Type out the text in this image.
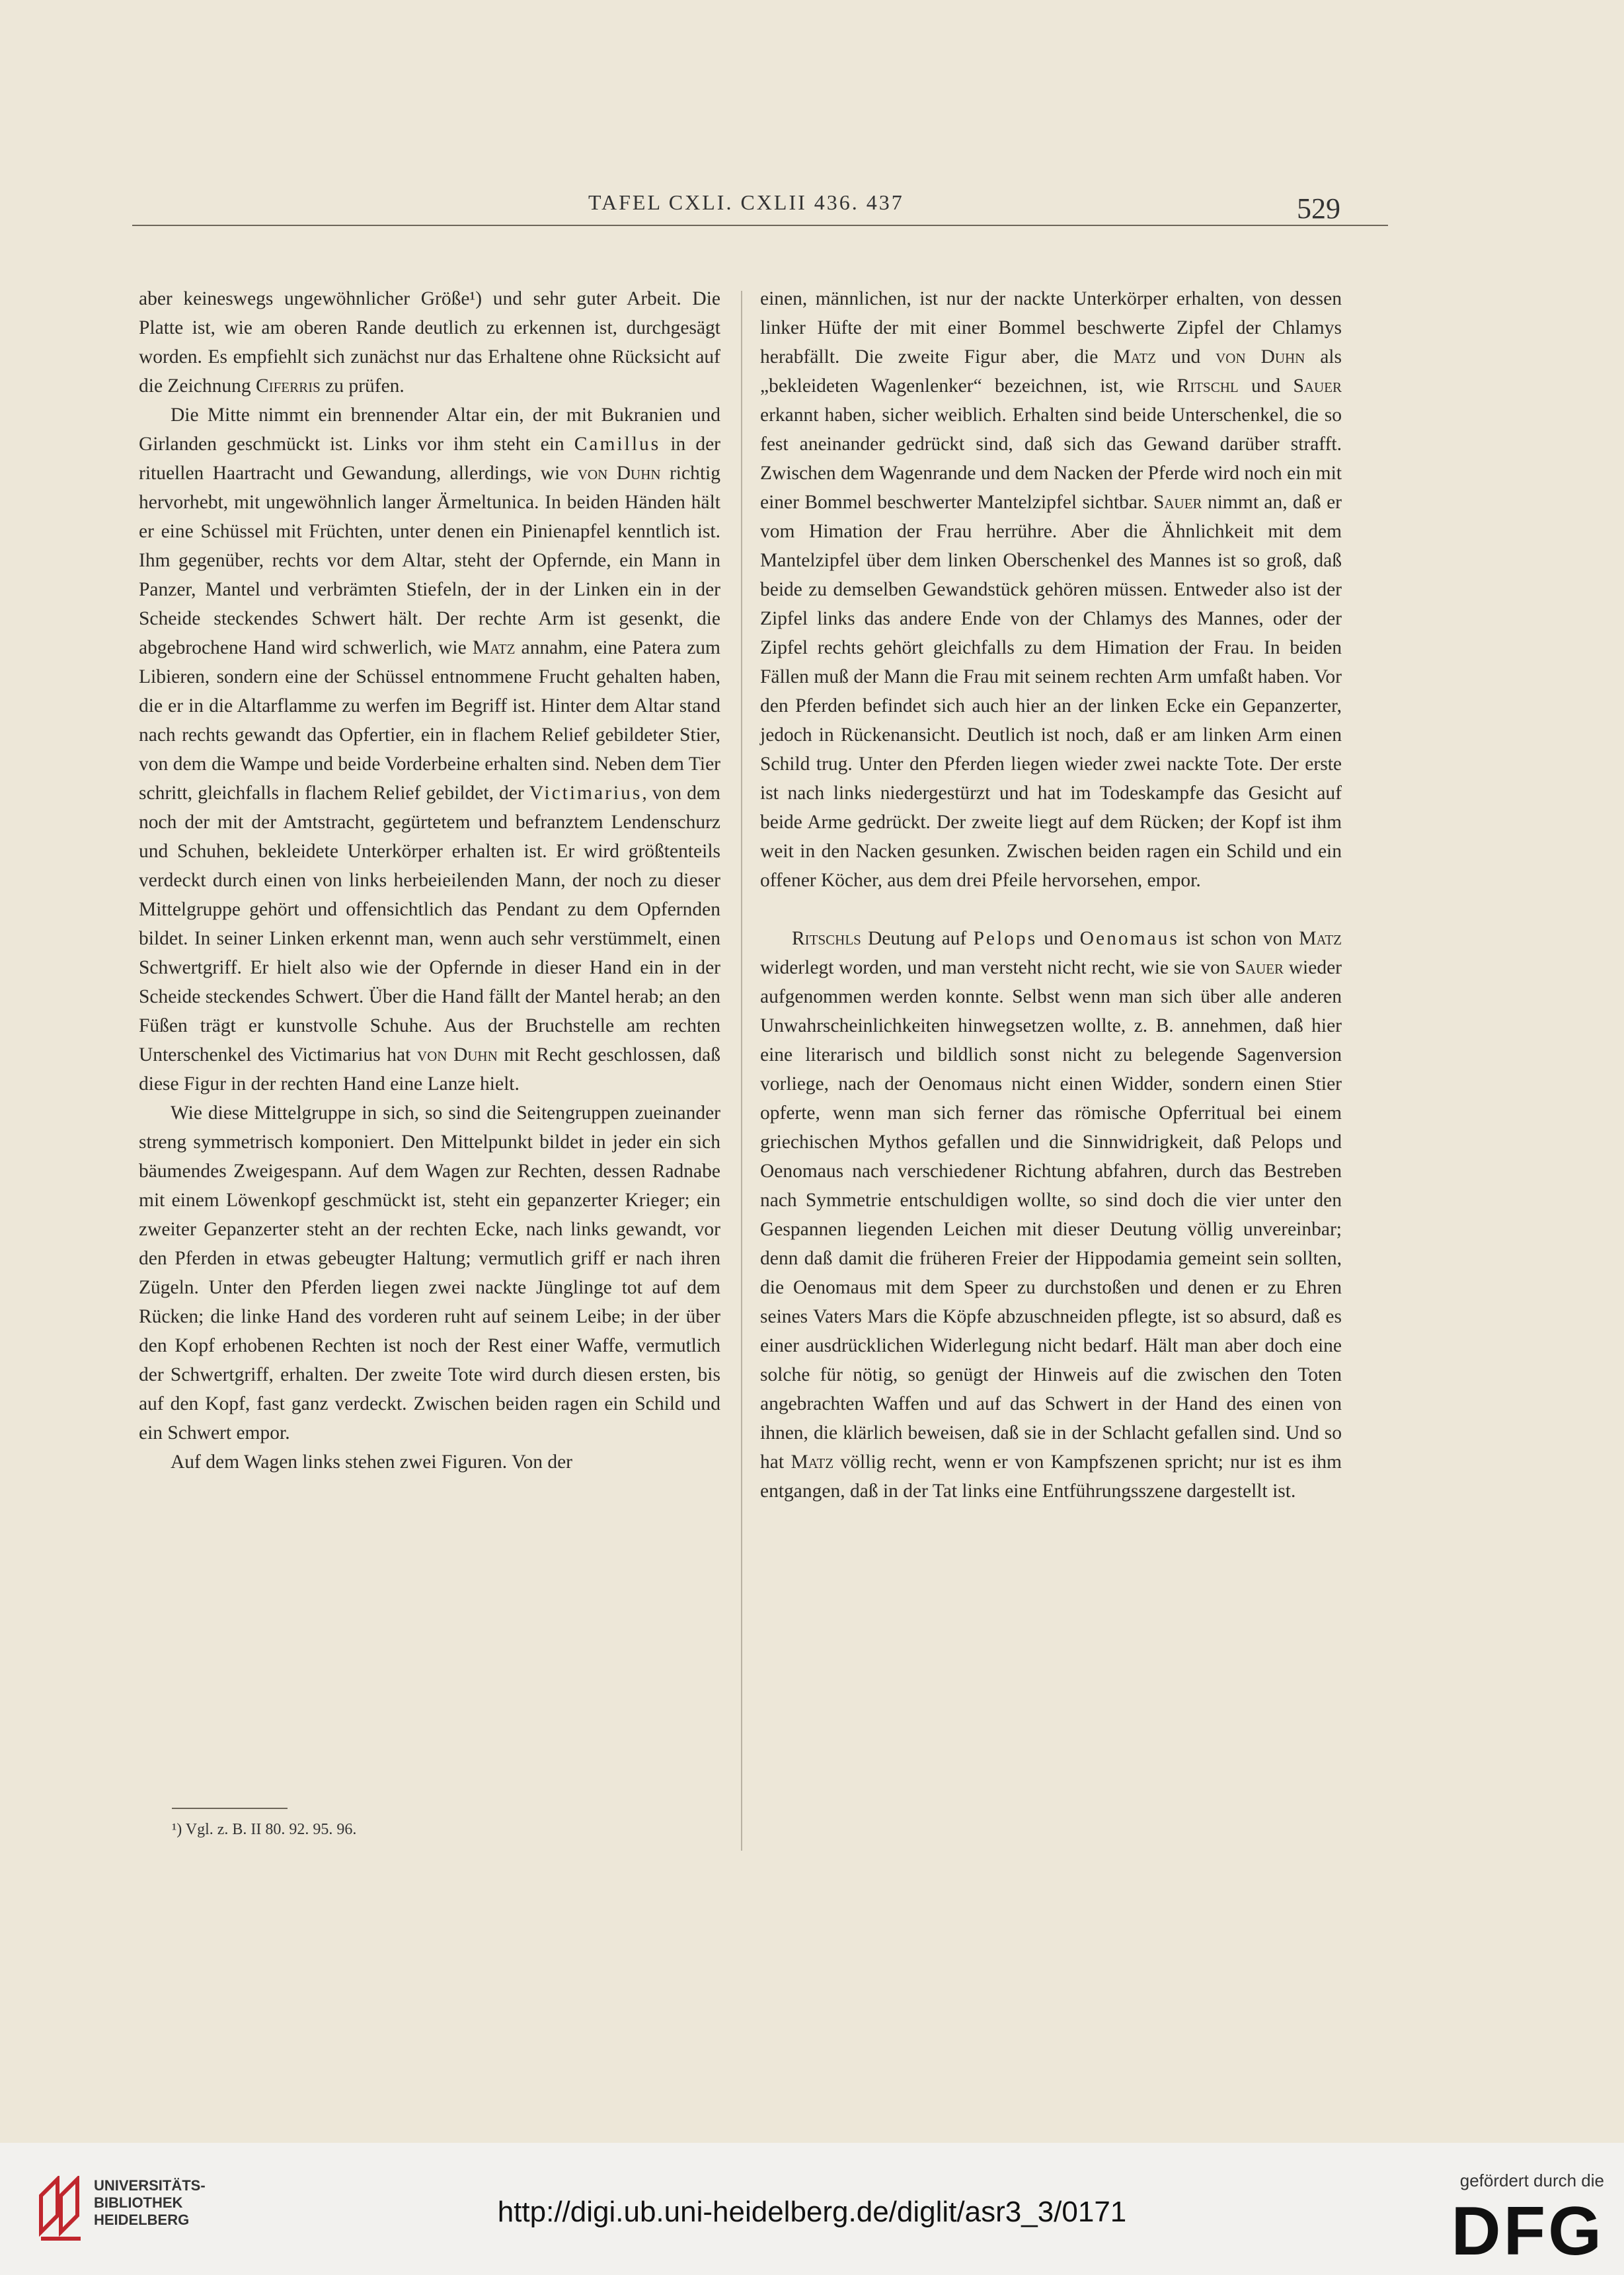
TAFEL CXLI. CXLII 436. 437	529

aber keineswegs ungewöhnlicher Größe¹) und sehr guter Arbeit. Die Platte ist, wie am oberen Rande deutlich zu erkennen ist, durchgesägt worden. Es empfiehlt sich zunächst nur das Erhaltene ohne Rücksicht auf die Zeichnung Ciferris zu prüfen.

Die Mitte nimmt ein brennender Altar ein, der mit Bukranien und Girlanden geschmückt ist. Links vor ihm steht ein Camillus in der rituellen Haartracht und Gewandung, allerdings, wie von Duhn richtig hervorhebt, mit ungewöhnlich langer Ärmeltunica. In beiden Händen hält er eine Schüssel mit Früchten, unter denen ein Pinienapfel kenntlich ist. Ihm gegenüber, rechts vor dem Altar, steht der Opfernde, ein Mann in Panzer, Mantel und verbrämten Stiefeln, der in der Linken ein in der Scheide steckendes Schwert hält. Der rechte Arm ist gesenkt, die abgebrochene Hand wird schwerlich, wie Matz annahm, eine Patera zum Libieren, sondern eine der Schüssel entnommene Frucht gehalten haben, die er in die Altarflamme zu werfen im Begriff ist. Hinter dem Altar stand nach rechts gewandt das Opfertier, ein in flachem Relief gebildeter Stier, von dem die Wampe und beide Vorderbeine erhalten sind. Neben dem Tier schritt, gleichfalls in flachem Relief gebildet, der Victimarius, von dem noch der mit der Amtstracht, gegürtetem und befranztem Lendenschurz und Schuhen, bekleidete Unterkörper erhalten ist. Er wird größtenteils verdeckt durch einen von links herbeieilenden Mann, der noch zu dieser Mittelgruppe gehört und offensichtlich das Pendant zu dem Opfernden bildet. In seiner Linken erkennt man, wenn auch sehr verstümmelt, einen Schwertgriff. Er hielt also wie der Opfernde in dieser Hand ein in der Scheide steckendes Schwert. Über die Hand fällt der Mantel herab; an den Füßen trägt er kunstvolle Schuhe. Aus der Bruchstelle am rechten Unterschenkel des Victimarius hat von Duhn mit Recht geschlossen, daß diese Figur in der rechten Hand eine Lanze hielt.

Wie diese Mittelgruppe in sich, so sind die Seitengruppen zueinander streng symmetrisch komponiert. Den Mittelpunkt bildet in jeder ein sich bäumendes Zweigespann. Auf dem Wagen zur Rechten, dessen Radnabe mit einem Löwenkopf geschmückt ist, steht ein gepanzerter Krieger; ein zweiter Gepanzerter steht an der rechten Ecke, nach links gewandt, vor den Pferden in etwas gebeugter Haltung; vermutlich griff er nach ihren Zügeln. Unter den Pferden liegen zwei nackte Jünglinge tot auf dem Rücken; die linke Hand des vorderen ruht auf seinem Leibe; in der über den Kopf erhobenen Rechten ist noch der Rest einer Waffe, vermutlich der Schwertgriff, erhalten. Der zweite Tote wird durch diesen ersten, bis auf den Kopf, fast ganz verdeckt. Zwischen beiden ragen ein Schild und ein Schwert empor.

Auf dem Wagen links stehen zwei Figuren. Von der

einen, männlichen, ist nur der nackte Unterkörper erhalten, von dessen linker Hüfte der mit einer Bommel beschwerte Zipfel der Chlamys herabfällt. Die zweite Figur aber, die Matz und von Duhn als „bekleideten Wagenlenker“ bezeichnen, ist, wie Ritschl und Sauer erkannt haben, sicher weiblich. Erhalten sind beide Unterschenkel, die so fest aneinander gedrückt sind, daß sich das Gewand darüber strafft. Zwischen dem Wagenrande und dem Nacken der Pferde wird noch ein mit einer Bommel beschwerter Mantelzipfel sichtbar. Sauer nimmt an, daß er vom Himation der Frau herrühre. Aber die Ähnlichkeit mit dem Mantelzipfel über dem linken Oberschenkel des Mannes ist so groß, daß beide zu demselben Gewandstück gehören müssen. Entweder also ist der Zipfel links das andere Ende von der Chlamys des Mannes, oder der Zipfel rechts gehört gleichfalls zu dem Himation der Frau. In beiden Fällen muß der Mann die Frau mit seinem rechten Arm umfaßt haben. Vor den Pferden befindet sich auch hier an der linken Ecke ein Gepanzerter, jedoch in Rückenansicht. Deutlich ist noch, daß er am linken Arm einen Schild trug. Unter den Pferden liegen wieder zwei nackte Tote. Der erste ist nach links niedergestürzt und hat im Todeskampfe das Gesicht auf beide Arme gedrückt. Der zweite liegt auf dem Rücken; der Kopf ist ihm weit in den Nacken gesunken. Zwischen beiden ragen ein Schild und ein offener Köcher, aus dem drei Pfeile hervorsehen, empor.

Ritschls Deutung auf Pelops und Oenomaus ist schon von Matz widerlegt worden, und man versteht nicht recht, wie sie von Sauer wieder aufgenommen werden konnte. Selbst wenn man sich über alle anderen Unwahrscheinlichkeiten hinwegsetzen wollte, z. B. annehmen, daß hier eine literarisch und bildlich sonst nicht zu belegende Sagenversion vorliege, nach der Oenomaus nicht einen Widder, sondern einen Stier opferte, wenn man sich ferner das römische Opferritual bei einem griechischen Mythos gefallen und die Sinnwidrigkeit, daß Pelops und Oenomaus nach verschiedener Richtung abfahren, durch das Bestreben nach Symmetrie entschuldigen wollte, so sind doch die vier unter den Gespannen liegenden Leichen mit dieser Deutung völlig unvereinbar; denn daß damit die früheren Freier der Hippodamia gemeint sein sollten, die Oenomaus mit dem Speer zu durchstoßen und denen er zu Ehren seines Vaters Mars die Köpfe abzuschneiden pflegte, ist so absurd, daß es einer ausdrücklichen Widerlegung nicht bedarf. Hält man aber doch eine solche für nötig, so genügt der Hinweis auf die zwischen den Toten angebrachten Waffen und auf das Schwert in der Hand des einen von ihnen, die klärlich beweisen, daß sie in der Schlacht gefallen sind. Und so hat Matz völlig recht, wenn er von Kampfszenen spricht; nur ist es ihm entgangen, daß in der Tat links eine Entführungsszene dargestellt ist.

¹) Vgl. z. B. II 80. 92. 95. 96.
UNIVERSITÄTS-
BIBLIOTHEK
HEIDELBERG	http://digi.ub.uni-heidelberg.de/diglit/asr3_3/0171
gefördert durch die
DFG
